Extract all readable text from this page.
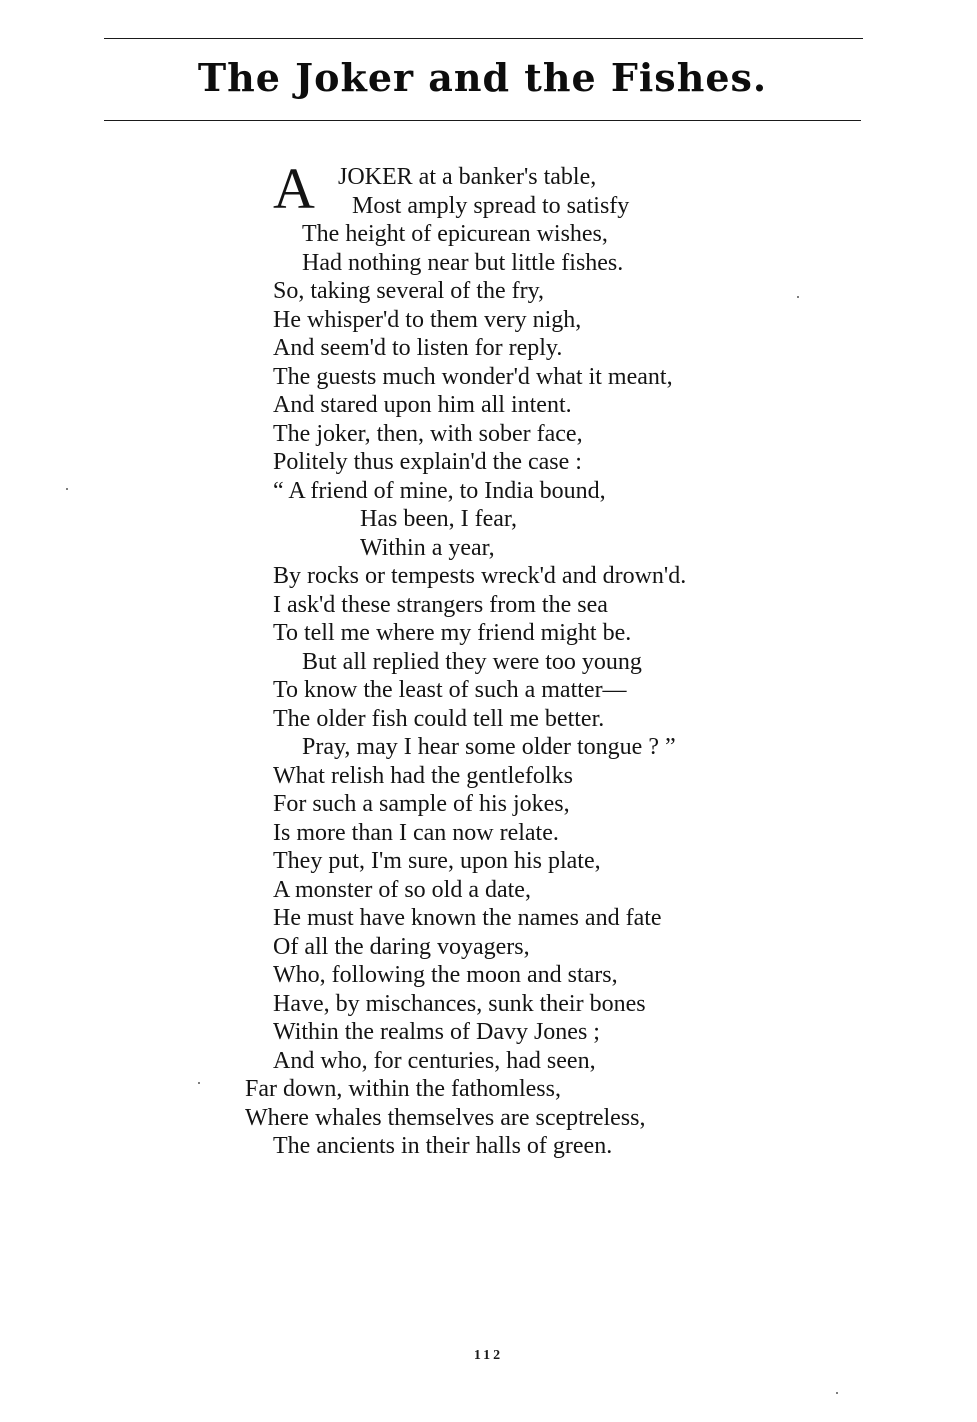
The Joker and the Fishes.
A JOKER at a banker's table,
Most amply spread to satisfy
The height of epicurean wishes,
Had nothing near but little fishes.
So, taking several of the fry,
He whisper'd to them very nigh,
And seem'd to listen for reply.
The guests much wonder'd what it meant,
And stared upon him all intent.
The joker, then, with sober face,
Politely thus explain'd the case :
“ A friend of mine, to India bound,
Has been, I fear,
Within a year,
By rocks or tempests wreck'd and drown'd.
I ask'd these strangers from the sea
To tell me where my friend might be.
But all replied they were too young
To know the least of such a matter—
The older fish could tell me better.
Pray, may I hear some older tongue ? ”
What relish had the gentlefolks
For such a sample of his jokes,
Is more than I can now relate.
They put, I'm sure, upon his plate,
A monster of so old a date,
He must have known the names and fate
Of all the daring voyagers,
Who, following the moon and stars,
Have, by mischances, sunk their bones
Within the realms of Davy Jones ;
And who, for centuries, had seen,
Far down, within the fathomless,
Where whales themselves are sceptreless,
The ancients in their halls of green.
112
